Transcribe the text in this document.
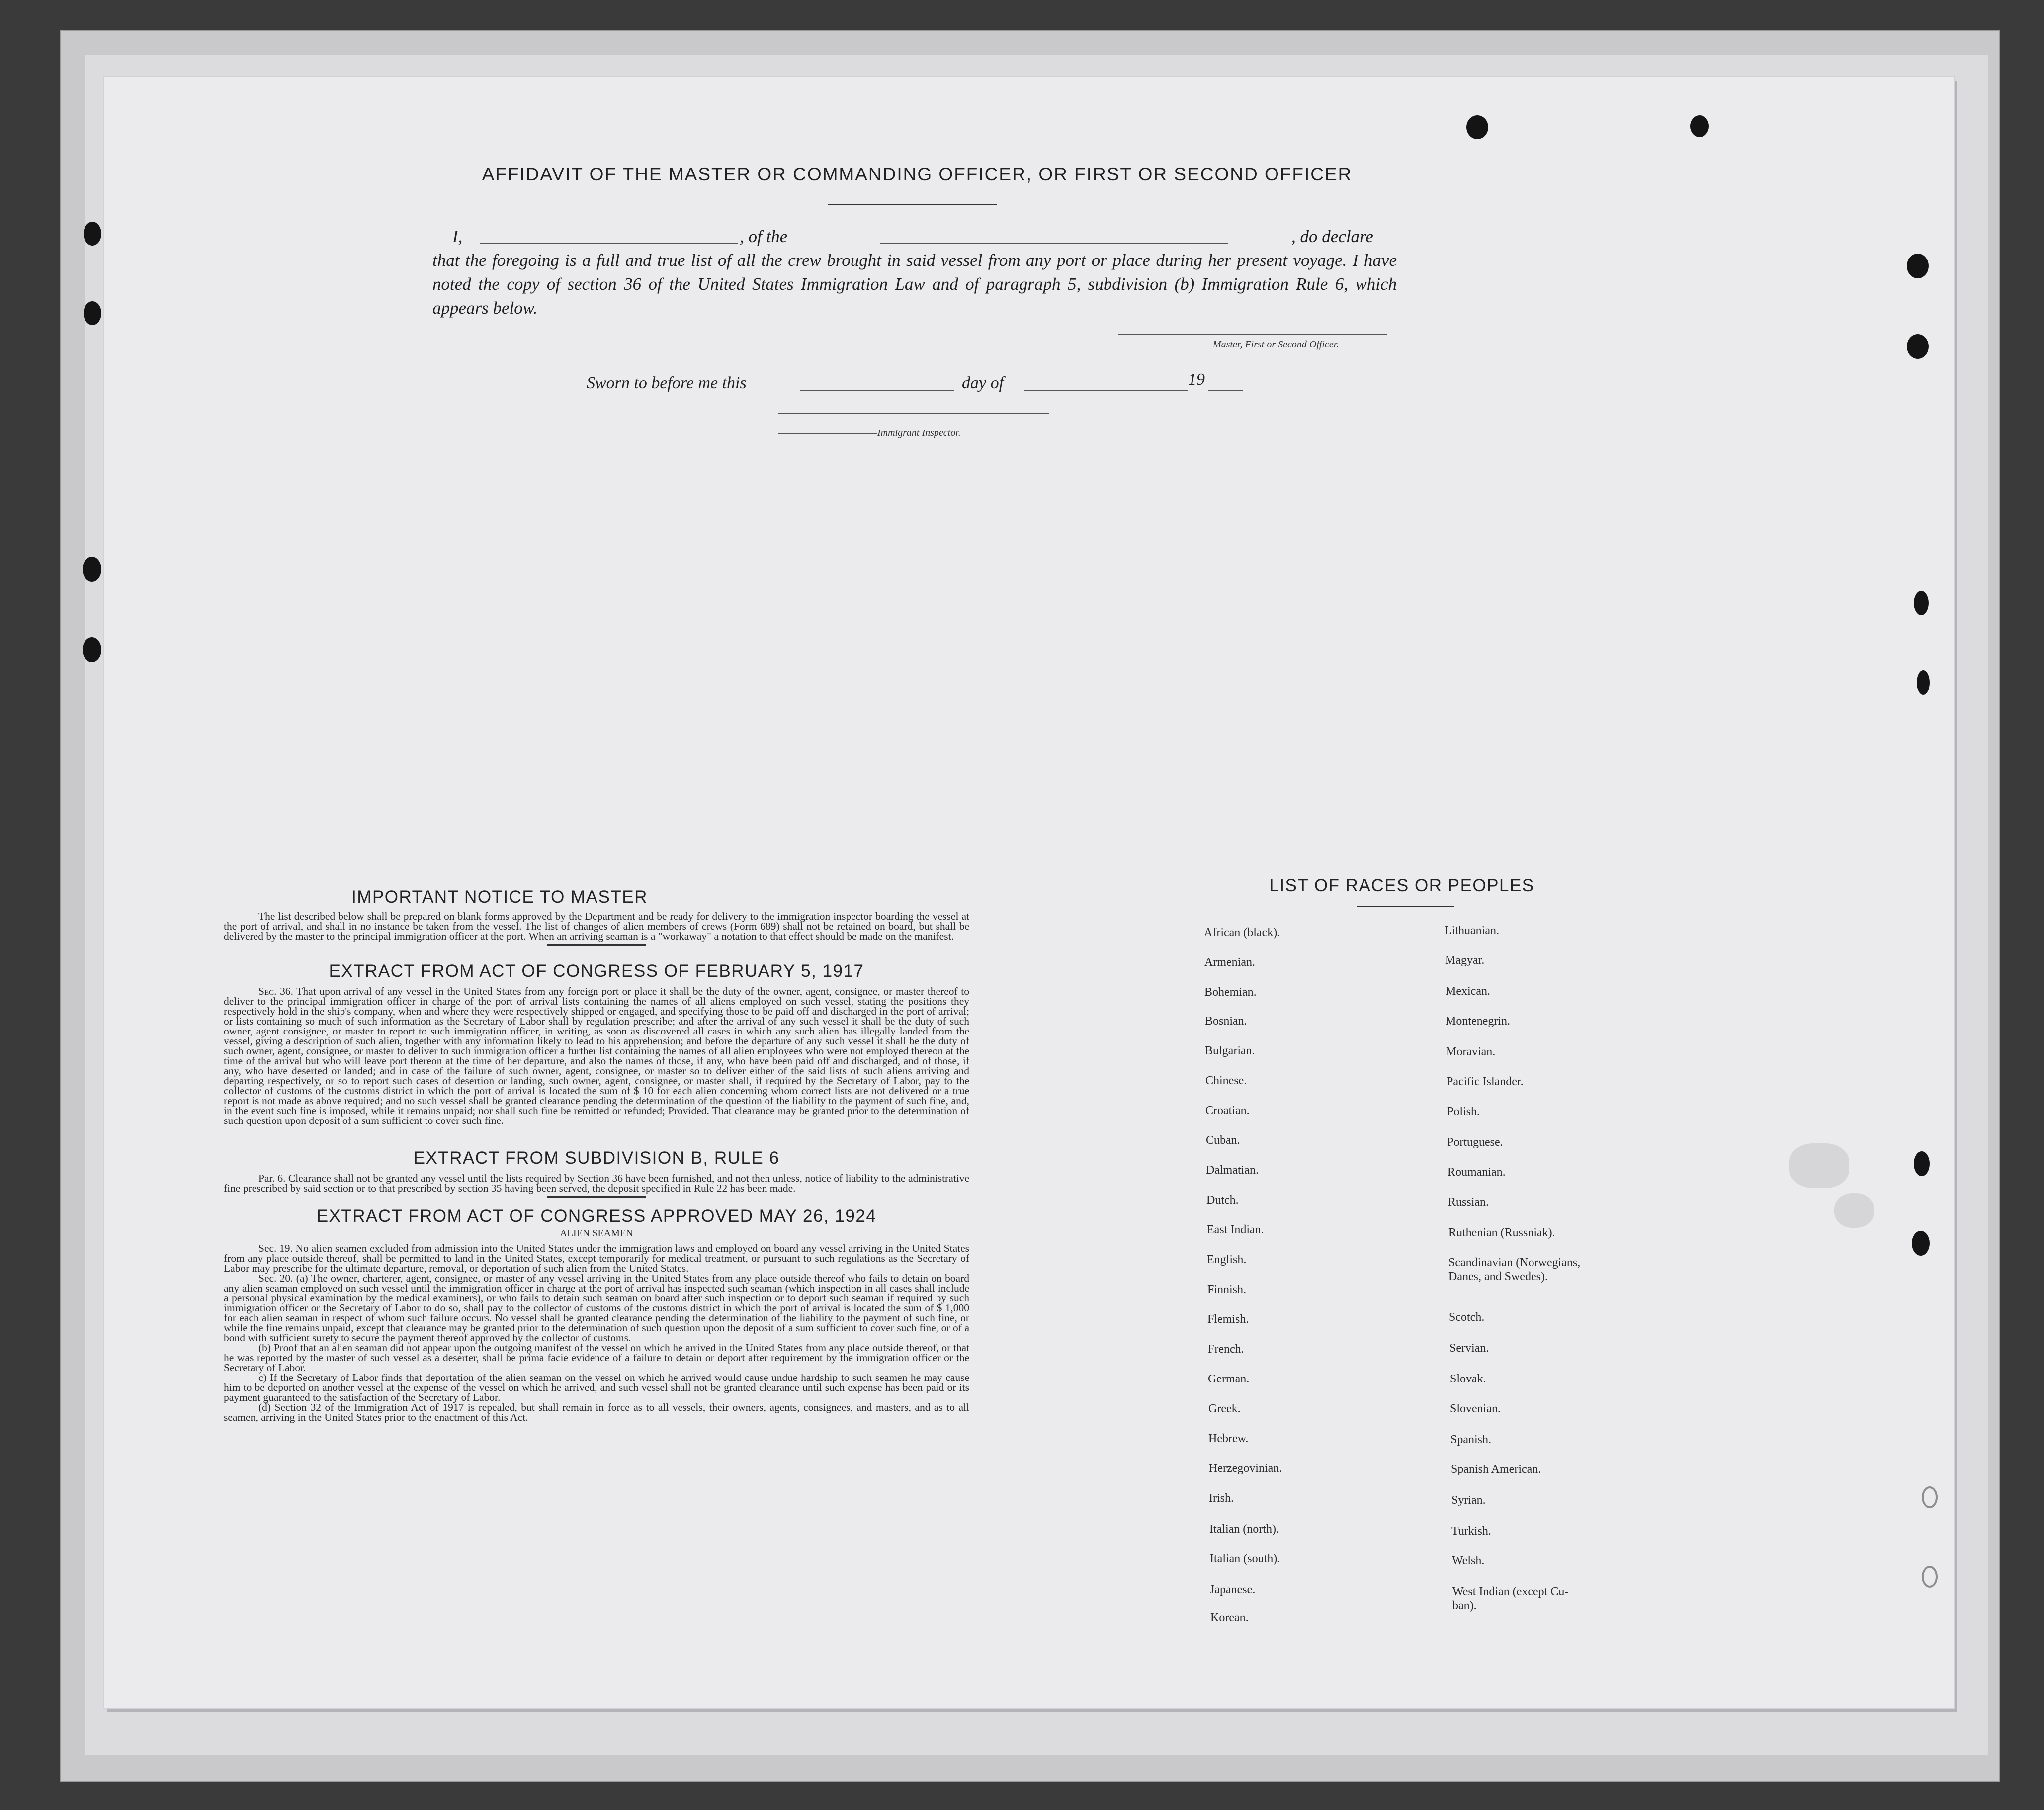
AFFIDAVIT OF THE MASTER OR COMMANDING OFFICER, OR FIRST OR SECOND OFFICER
I,	, of the	, do declare
that the foregoing is a full and true list of all the crew brought in said vessel from any port or place during her present voyage. I have noted the copy of section 36 of the United States Immigration Law and of paragraph 5, subdivision (b) Immigration Rule 6, which appears below.
Master, First or Second Officer.
Sworn to before me this	day of	19
Immigrant Inspector.

IMPORTANT NOTICE TO MASTER

The list described below shall be prepared on blank forms approved by the Department and be ready for delivery to the immigration inspector boarding the vessel at the port of arrival, and shall in no instance be taken from the vessel. The list of changes of alien members of crews (Form 689) shall not be retained on board, but shall be delivered by the master to the principal immigration officer at the port. When an arriving seaman is a "workaway" a notation to that effect should be made on the manifest.

EXTRACT FROM ACT OF CONGRESS OF FEBRUARY 5, 1917

Sec. 36. That upon arrival of any vessel in the United States from any foreign port or place it shall be the duty of the owner, agent, consignee, or master thereof to deliver to the principal immigration officer in charge of the port of arrival lists containing the names of all aliens employed on such vessel, stating the positions they respectively hold in the ship's company, when and where they were respectively shipped or engaged, and specifying those to be paid off and discharged in the port of arrival; or lists containing so much of such information as the Secretary of Labor shall by regulation prescribe; and after the arrival of any such vessel it shall be the duty of such owner, agent consignee, or master to report to such immigration officer, in writing, as soon as discovered all cases in which any such alien has illegally landed from the vessel, giving a description of such alien, together with any information likely to lead to his apprehension; and before the departure of any such vessel it shall be the duty of such owner, agent, consignee, or master to deliver to such immigration officer a further list containing the names of all alien employees who were not employed thereon at the time of the arrival but who will leave port thereon at the time of her departure, and also the names of those, if any, who have been paid off and discharged, and of those, if any, who have deserted or landed; and in case of the failure of such owner, agent, consignee, or master so to deliver either of the said lists of such aliens arriving and departing respectively, or so to report such cases of desertion or landing, such owner, agent, consignee, or master shall, if required by the Secretary of Labor, pay to the collector of customs of the customs district in which the port of arrival is located the sum of $ 10 for each alien concerning whom correct lists are not delivered or a true report is not made as above required; and no such vessel shall be granted clearance pending the determination of the question of the liability to the payment of such fine, and, in the event such fine is imposed, while it remains unpaid; nor shall such fine be remitted or refunded; Provided. That clearance may be granted prior to the determination of such question upon deposit of a sum sufficient to cover such fine.

EXTRACT FROM SUBDIVISION B, RULE 6

Par. 6. Clearance shall not be granted any vessel until the lists required by Section 36 have been furnished, and not then unless, notice of liability to the administrative fine prescribed by said section or to that prescribed by section 35 having been served, the deposit specified in Rule 22 has been made.

EXTRACT FROM ACT OF CONGRESS APPROVED MAY 26, 1924

ALIEN SEAMEN

Sec. 19. No alien seamen excluded from admission into the United States under the immigration laws and employed on board any vessel arriving in the United States from any place outside thereof, shall be permitted to land in the United States, except temporarily for medical treatment, or pursuant to such regulations as the Secretary of Labor may prescribe for the ultimate departure, removal, or deportation of such alien from the United States.

Sec. 20. (a) The owner, charterer, agent, consignee, or master of any vessel arriving in the United States from any place outside thereof who fails to detain on board any alien seaman employed on such vessel until the immigration officer in charge at the port of arrival has inspected such seaman (which inspection in all cases shall include a personal physical examination by the medical examiners), or who fails to detain such seaman on board after such inspection or to deport such seaman if required by such immigration officer or the Secretary of Labor to do so, shall pay to the collector of customs of the customs district in which the port of arrival is located the sum of $ 1,000 for each alien seaman in respect of whom such failure occurs. No vessel shall be granted clearance pending the determination of the liability to the payment of such fine, or while the fine remains unpaid, except that clearance may be granted prior to the determination of such question upon the deposit of a sum sufficient to cover such fine, or of a bond with sufficient surety to secure the payment thereof approved by the collector of customs.

(b) Proof that an alien seaman did not appear upon the outgoing manifest of the vessel on which he arrived in the United States from any place outside thereof, or that he was reported by the master of such vessel as a deserter, shall be prima facie evidence of a failure to detain or deport after requirement by the immigration officer or the Secretary of Labor.

c) If the Secretary of Labor finds that deportation of the alien seaman on the vessel on which he arrived would cause undue hardship to such seamen he may cause him to be deported on another vessel at the expense of the vessel on which he arrived, and such vessel shall not be granted clearance until such expense has been paid or its payment guaranteed to the satisfaction of the Secretary of Labor.

(d) Section 32 of the Immigration Act of 1917 is repealed, but shall remain in force as to all vessels, their owners, agents, consignees, and masters, and as to all seamen, arriving in the United States prior to the enactment of this Act.

LIST OF RACES OR PEOPLES
African (black).
Armenian.
Bohemian.
Bosnian.
Bulgarian.
Chinese.
Croatian.
Cuban.
Dalmatian.
Dutch.
East Indian.
English.
Finnish.
Flemish.
French.
German.
Greek.
Hebrew.
Herzegovinian.
Irish.
Italian (north).
Italian (south).
Japanese.
Korean.
Lithuanian.
Magyar.
Mexican.
Montenegrin.
Moravian.
Pacific Islander.
Polish.
Portuguese.
Roumanian.
Russian.
Ruthenian (Russniak).
Scandinavian (Norwegians,
Danes, and Swedes).
Scotch.
Servian.
Slovak.
Slovenian.
Spanish.
Spanish American.
Syrian.
Turkish.
Welsh.
West Indian (except Cu-
ban).
